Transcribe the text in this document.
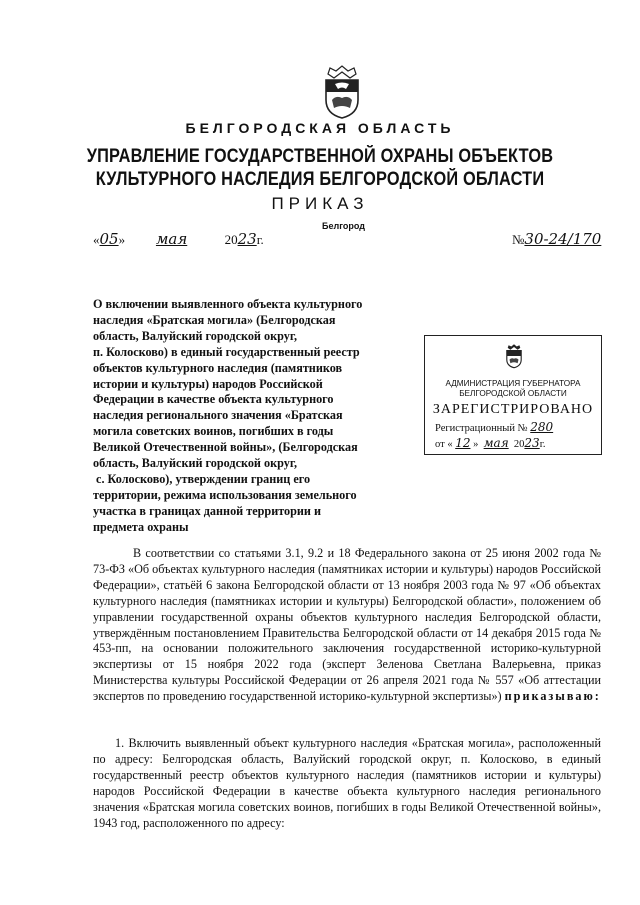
БЕЛГОРОДСКАЯ ОБЛАСТЬ
УПРАВЛЕНИЕ ГОСУДАРСТВЕННОЙ ОХРАНЫ ОБЪЕКТОВ
КУЛЬТУРНОГО НАСЛЕДИЯ БЕЛГОРОДСКОЙ ОБЛАСТИ
ПРИКАЗ
Белгород
«05» мая	2023г.	№30-24/170
О включении выявленного объекта культурного
наследия «Братская могила» (Белгородская
область, Валуйский городской округ,
п. Колосково) в единый государственный реестр
объектов культурного наследия (памятников
истории и культуры) народов Российской
Федерации в качестве объекта культурного
наследия регионального значения «Братская
могила советских воинов, погибших в годы
Великой Отечественной войны», (Белгородская
область, Валуйский городской округ,
с. Колосково), утверждении границ его
территории, режима использования земельного
участка в границах данной территории и
предмета охраны
АДМИНИСТРАЦИЯ ГУБЕРНАТОРА
БЕЛГОРОДСКОЙ ОБЛАСТИ
ЗАРЕГИСТРИРОВАНО
Регистрационный № 280
от « 12 » мая 2023г.
В соответствии со статьями 3.1, 9.2 и 18 Федерального закона от 25 июня 2002 года № 73-ФЗ «Об объектах культурного наследия (памятниках истории и культуры) народов Российской Федерации», статьёй 6 закона Белгородской области от 13 ноября 2003 года № 97 «Об объектах культурного наследия (памятниках истории и культуры) Белгородской области», положением об управлении государственной охраны объектов культурного наследия Белгородской области, утверждённым постановлением Правительства Белгородской области от 14 декабря 2015 года № 453-пп, на основании положительного заключения государственной историко-культурной экспертизы от 15 ноября 2022 года (эксперт Зеленова Светлана Валерьевна, приказ Министерства культуры Российской Федерации от 26 апреля 2021 года № 557 «Об аттестации экспертов по проведению государственной историко-культурной экспертизы») приказываю:
1. Включить выявленный объект культурного наследия «Братская могила», расположенный по адресу: Белгородская область, Валуйский городской округ, п. Колосково, в единый государственный реестр объектов культурного наследия (памятников истории и культуры) народов Российской Федерации в качестве объекта культурного наследия регионального значения «Братская могила советских воинов, погибших в годы Великой Отечественной войны», 1943 год, расположенного по адресу:
